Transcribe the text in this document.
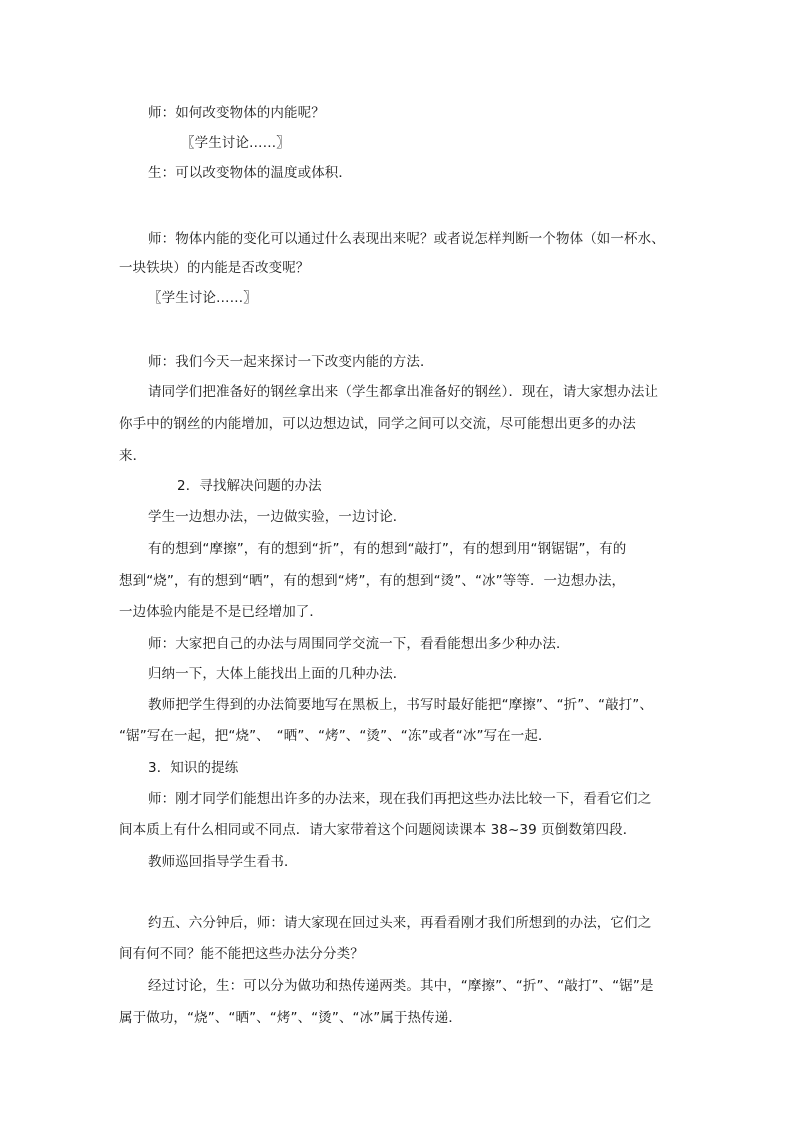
师：如何改变物体的内能呢？
〖学生讨论……〗
生：可以改变物体的温度或体积．
师：物体内能的变化可以通过什么表现出来呢？或者说怎样判断一个物体（如一杯水、
一块铁块）的内能是否改变呢？
〖学生讨论……〗
师：我们今天一起来探讨一下改变内能的方法．
请同学们把准备好的钢丝拿出来（学生都拿出准备好的钢丝）．现在，请大家想办法让
你手中的钢丝的内能增加，可以边想边试，同学之间可以交流，尽可能想出更多的办法
来．
2．寻找解决问题的办法
学生一边想办法，一边做实验，一边讨论．
有的想到“摩擦”，有的想到“折”，有的想到“敲打”，有的想到用“钢锯锯”，有的
想到“烧”，有的想到“晒”，有的想到“烤”，有的想到“烫”、“冰”等等．一边想办法，
一边体验内能是不是已经增加了．
师：大家把自己的办法与周围同学交流一下，看看能想出多少种办法．
归纳一下，大体上能找出上面的几种办法．
教师把学生得到的办法简要地写在黑板上，书写时最好能把“摩擦”、“折”、“敲打”、
“锯”写在一起，把“烧”、　“晒”、“烤”、“烫”、“冻”或者“冰”写在一起．
3．知识的提练
师：刚才同学们能想出许多的办法来，现在我们再把这些办法比较一下，看看它们之
间本质上有什么相同或不同点．请大家带着这个问题阅读课本 38~39 页倒数第四段．
教师巡回指导学生看书．
约五、六分钟后，师：请大家现在回过头来，再看看刚才我们所想到的办法，它们之
间有何不同？能不能把这些办法分分类？
经过讨论，生：可以分为做功和热传递两类。其中，“摩擦”、“折”、“敲打”、“锯”是
属于做功，“烧”、“晒”、“烤”、“烫”、“冰”属于热传递．
